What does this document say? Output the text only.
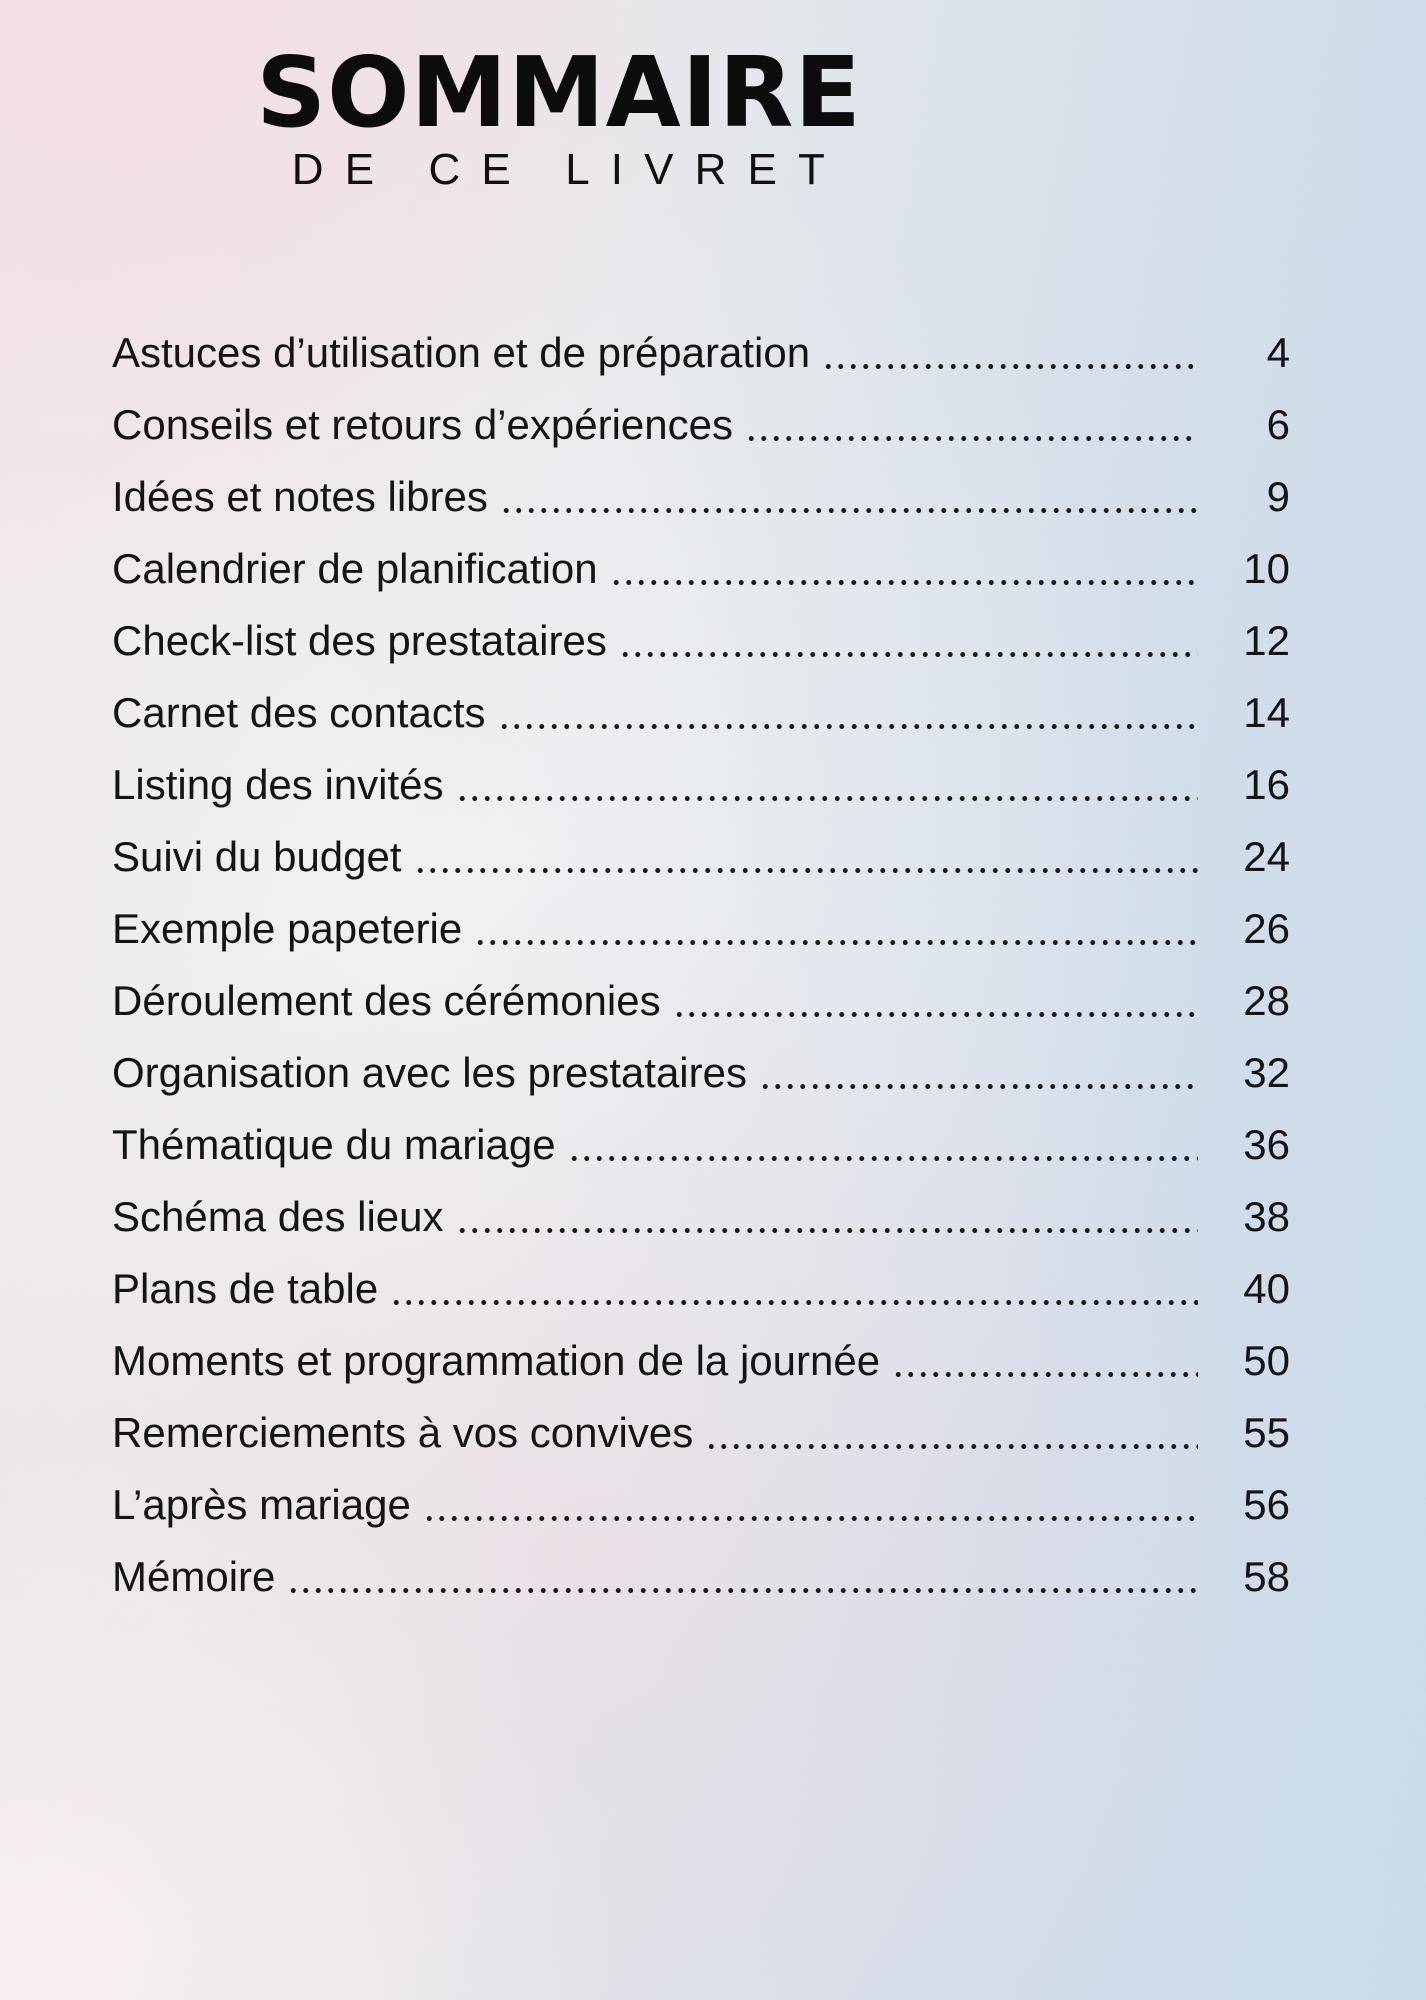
SOMMAIRE
DE CE LIVRET
Astuces d’utilisation et de préparation	4
Conseils et retours d’expériences	6
Idées et notes libres	9
Calendrier de planification	10
Check-list des prestataires	12
Carnet des contacts	14
Listing des invités	16
Suivi du budget	24
Exemple papeterie	26
Déroulement des cérémonies	28
Organisation avec les prestataires	32
Thématique du mariage	36
Schéma des lieux	38
Plans de table	40
Moments et programmation de la journée	50
Remerciements à vos convives	55
L’après mariage	56
Mémoire	58
